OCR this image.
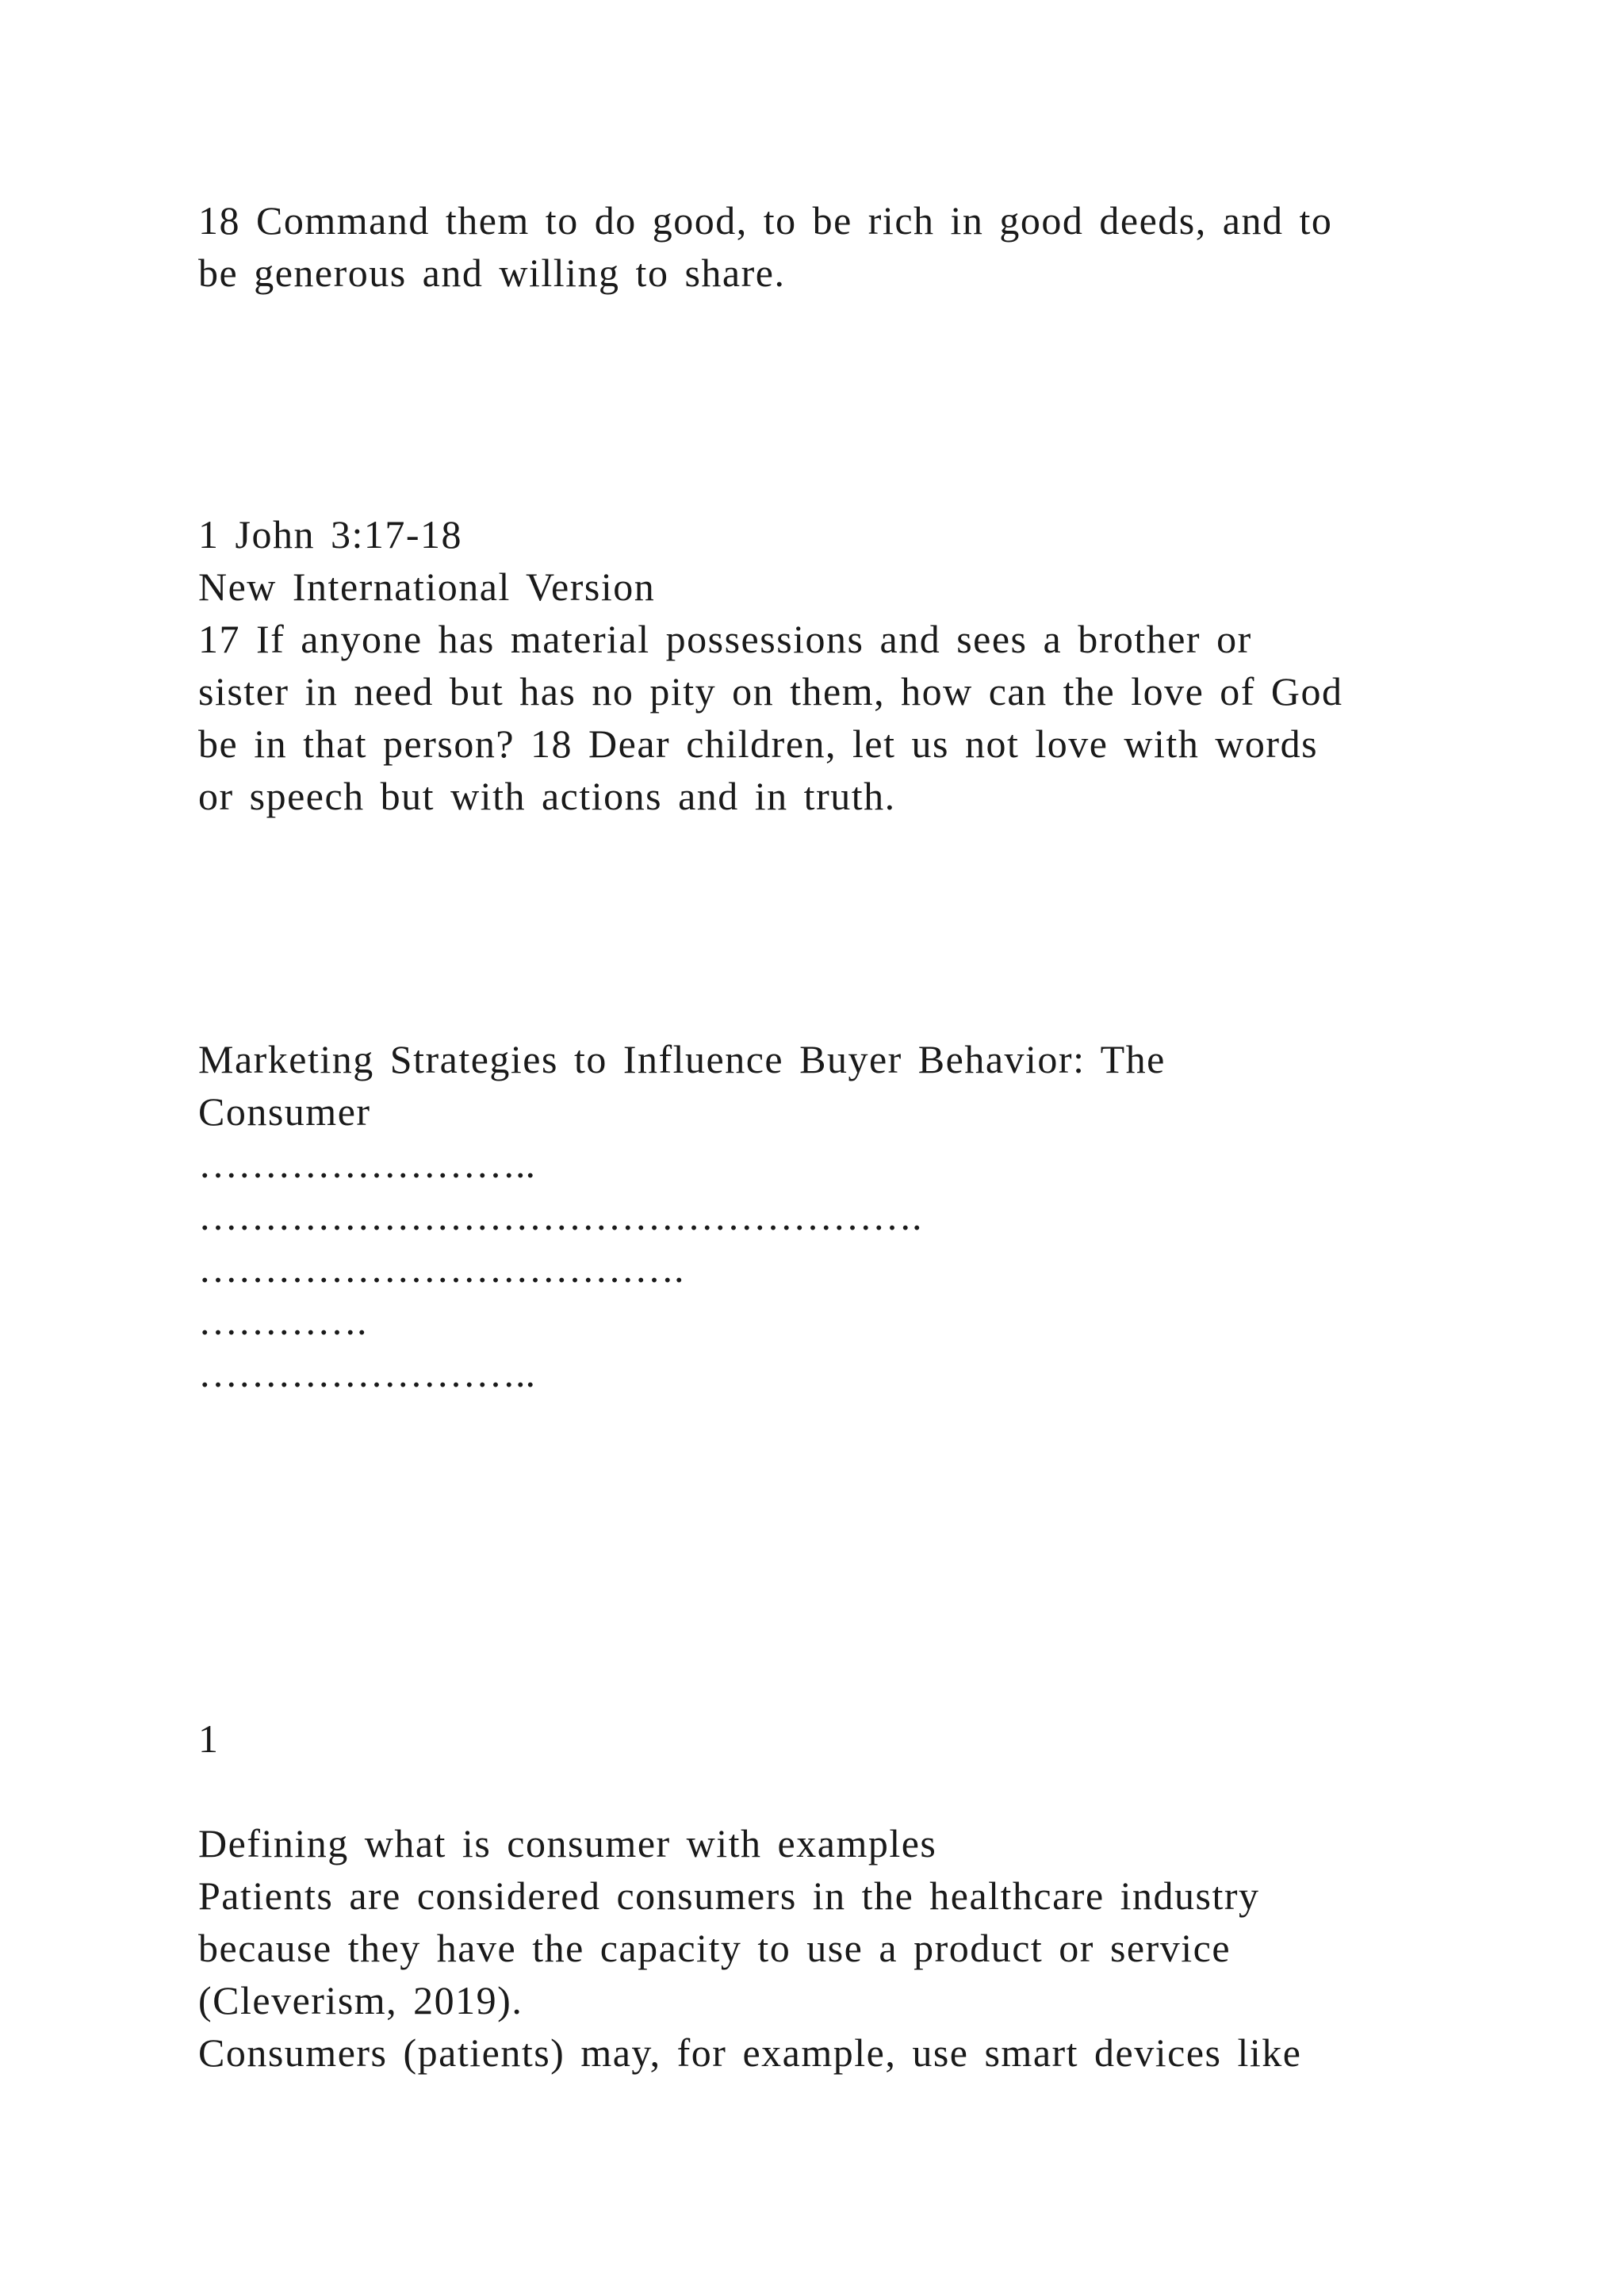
18 Command them to do good, to be rich in good deeds, and to
be generous and willing to share.
1 John 3:17-18
New International Version
17 If anyone has material possessions and sees a brother or
sister in need but has no pity on them, how can the love of God
be in that person? 18 Dear children, let us not love with words
or speech but with actions and in truth.
Marketing Strategies to Influence Buyer Behavior: The
Consumer
……………………..
……………………………………………….
……………………………….
………….
……………………..
1
Defining what is consumer with examples
Patients are considered consumers in the healthcare industry
because they have the capacity to use a product or service
(Cleverism, 2019).
Consumers (patients) may, for example, use smart devices like
